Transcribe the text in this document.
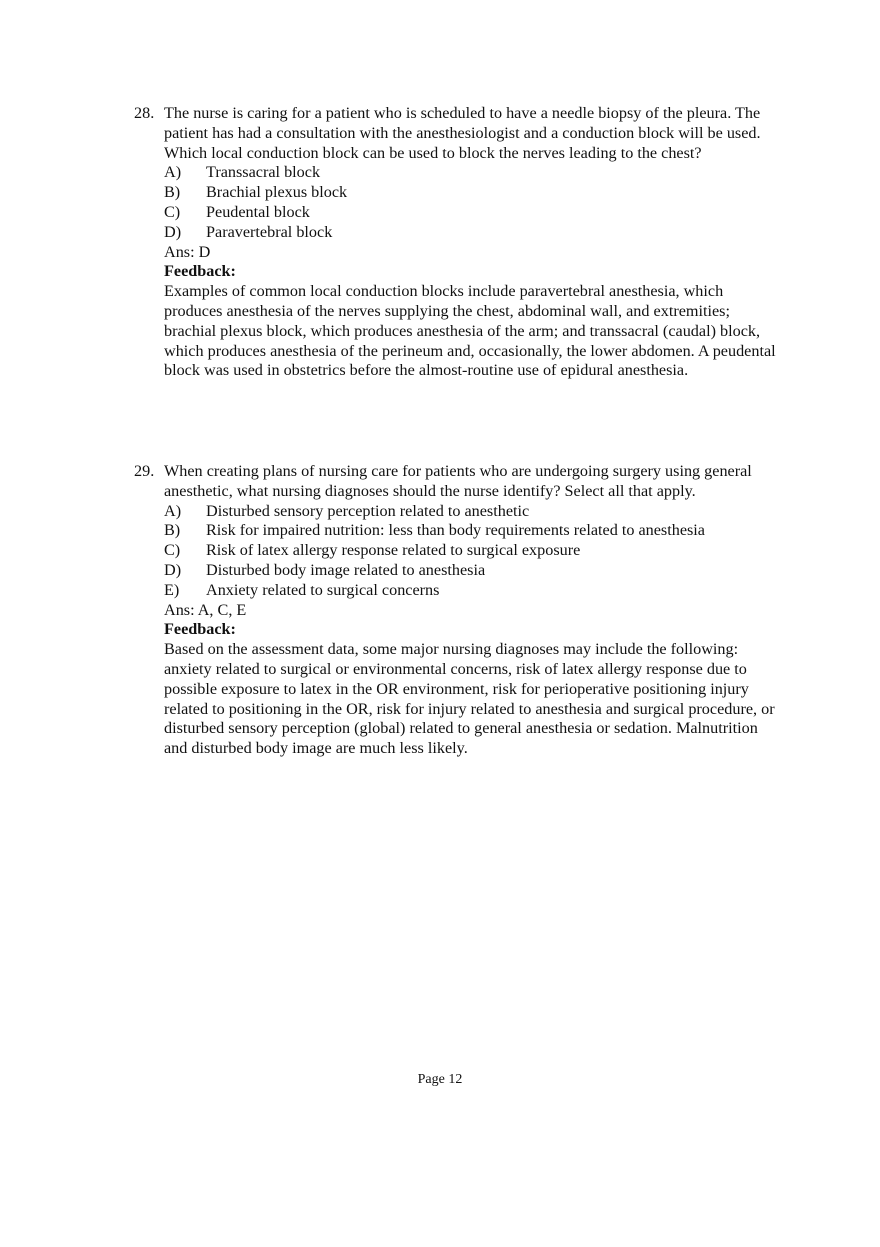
28. The nurse is caring for a patient who is scheduled to have a needle biopsy of the pleura. The patient has had a consultation with the anesthesiologist and a conduction block will be used. Which local conduction block can be used to block the nerves leading to the chest?

A)	Transsacral block
B)	Brachial plexus block
C)	Peudental block
D)	Paravertebral block

Ans: D

Feedback:

Examples of common local conduction blocks include paravertebral anesthesia, which produces anesthesia of the nerves supplying the chest, abdominal wall, and extremities; brachial plexus block, which produces anesthesia of the arm; and transsacral (caudal) block, which produces anesthesia of the perineum and, occasionally, the lower abdomen. A peudental block was used in obstetrics before the almost-routine use of epidural anesthesia.

29. When creating plans of nursing care for patients who are undergoing surgery using general anesthetic, what nursing diagnoses should the nurse identify? Select all that apply.

A)	Disturbed sensory perception related to anesthetic
B)	Risk for impaired nutrition: less than body requirements related to anesthesia
C)	Risk of latex allergy response related to surgical exposure
D)	Disturbed body image related to anesthesia
E)	Anxiety related to surgical concerns

Ans: A, C, E

Feedback:

Based on the assessment data, some major nursing diagnoses may include the following: anxiety related to surgical or environmental concerns, risk of latex allergy response due to possible exposure to latex in the OR environment, risk for perioperative positioning injury related to positioning in the OR, risk for injury related to anesthesia and surgical procedure, or disturbed sensory perception (global) related to general anesthesia or sedation. Malnutrition and disturbed body image are much less likely.

Page 12
